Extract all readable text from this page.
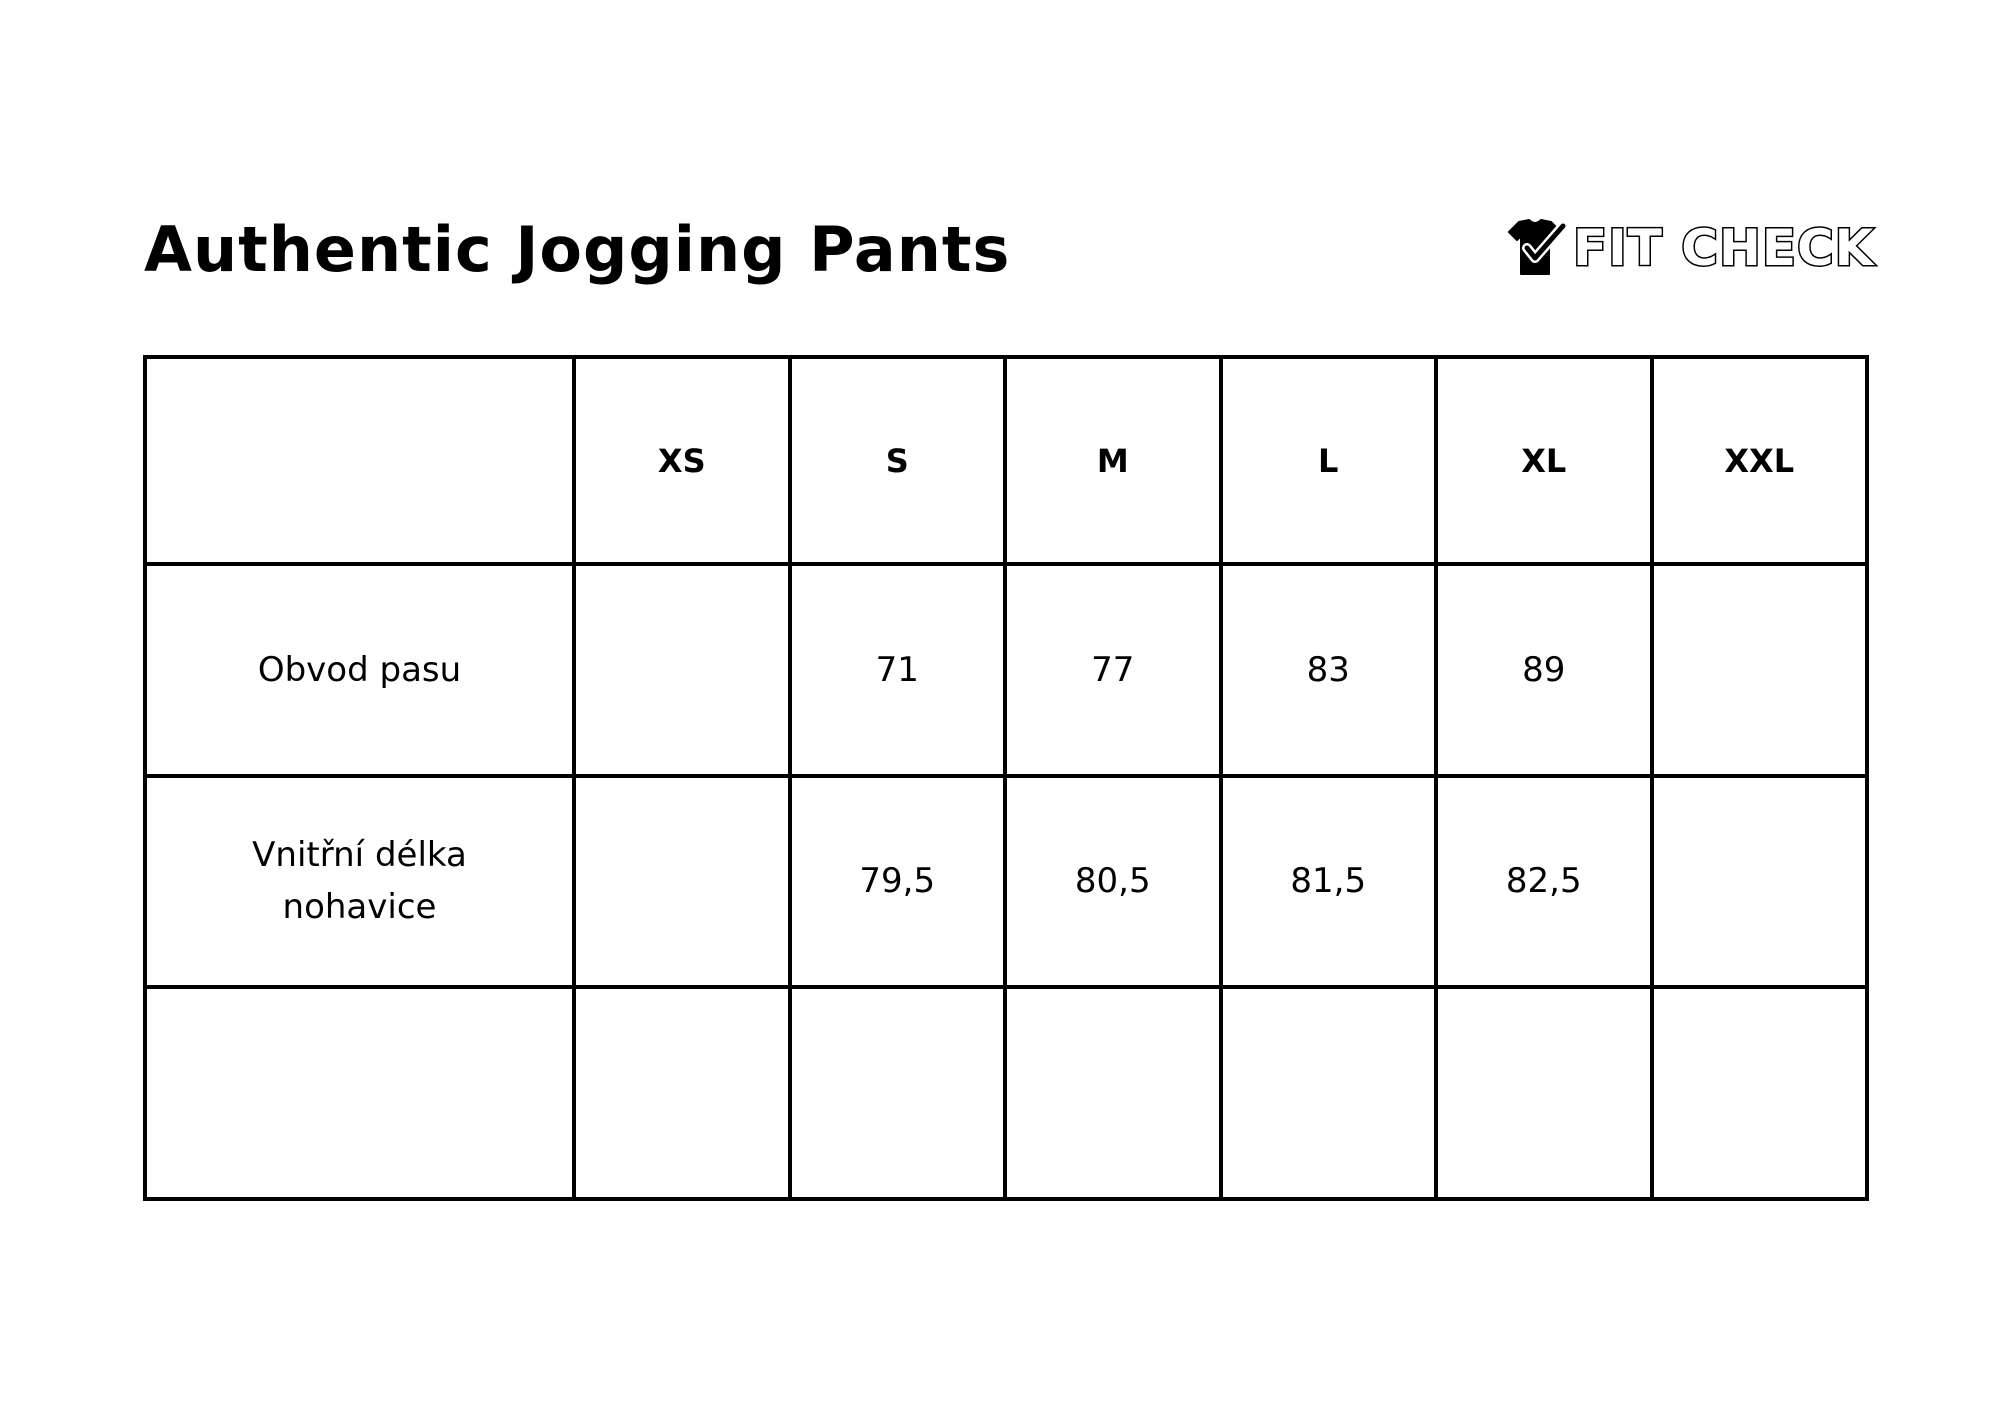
Authentic Jogging Pants	FIT CHECK
	XS	S	M	L	XL	XXL
Obvod pasu		71	77	83	89	
Vnitřní délka nohavice		79,5	80,5	81,5	82,5	
